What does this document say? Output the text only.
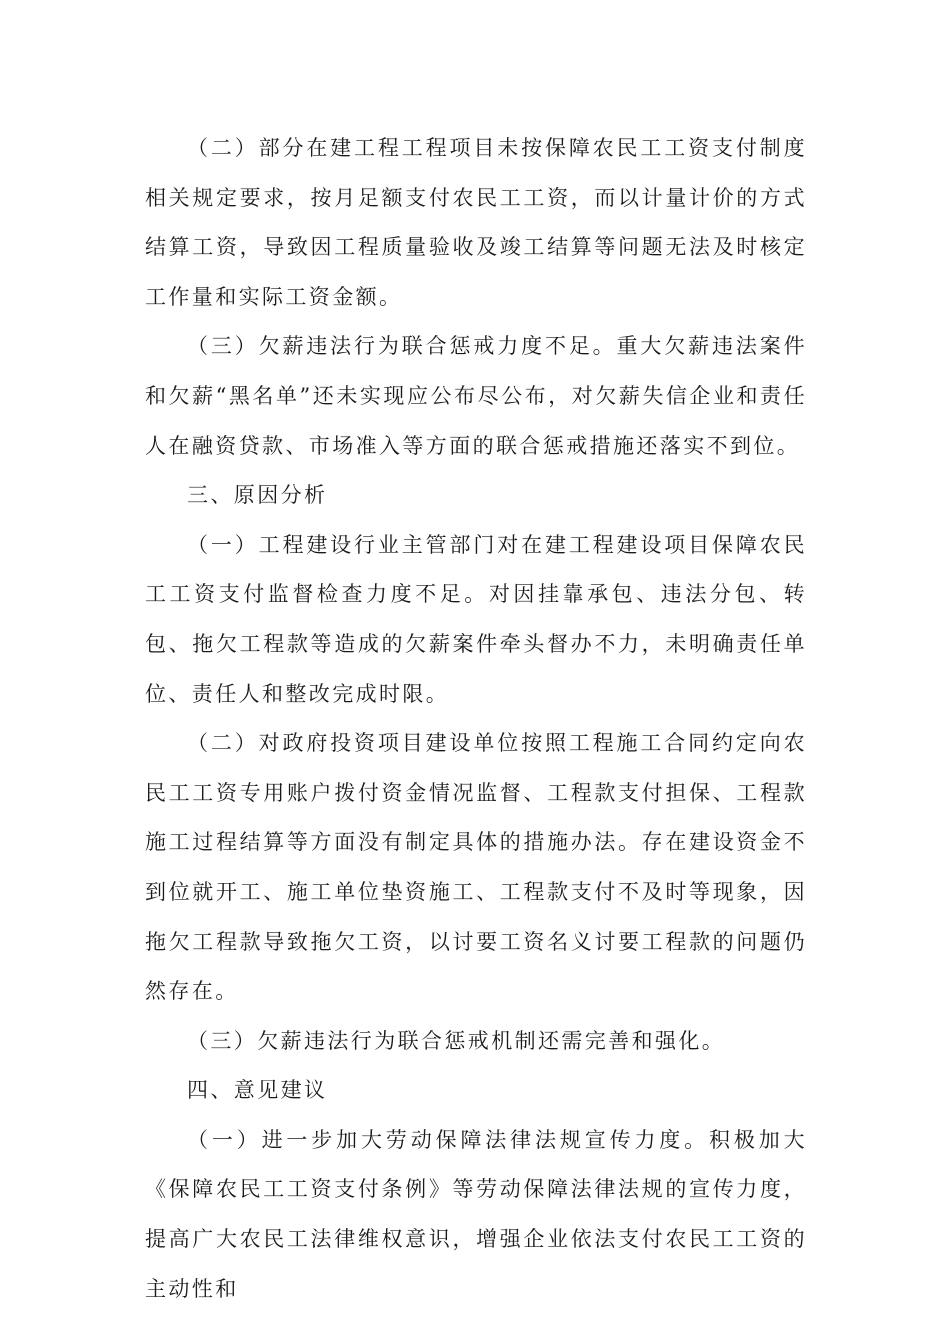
（二）部分在建工程工程项目未按保障农民工工资支付制度相关规定要求，按月足额支付农民工工资，而以计量计价的方式结算工资，导致因工程质量验收及竣工结算等问题无法及时核定工作量和实际工资金额。

（三）欠薪违法行为联合惩戒力度不足。重大欠薪违法案件和欠薪“黑名单”还未实现应公布尽公布，对欠薪失信企业和责任人在融资贷款、市场准入等方面的联合惩戒措施还落实不到位。

三、原因分析

（一）工程建设行业主管部门对在建工程建设项目保障农民工工资支付监督检查力度不足。对因挂靠承包、违法分包、转包、拖欠工程款等造成的欠薪案件牵头督办不力，未明确责任单位、责任人和整改完成时限。

（二）对政府投资项目建设单位按照工程施工合同约定向农民工工资专用账户拨付资金情况监督、工程款支付担保、工程款施工过程结算等方面没有制定具体的措施办法。存在建设资金不到位就开工、施工单位垫资施工、工程款支付不及时等现象，因拖欠工程款导致拖欠工资，以讨要工资名义讨要工程款的问题仍然存在。

（三）欠薪违法行为联合惩戒机制还需完善和强化。

四、意见建议

（一）进一步加大劳动保障法律法规宣传力度。积极加大《保障农民工工资支付条例》等劳动保障法律法规的宣传力度，提高广大农民工法律维权意识，增强企业依法支付农民工工资的主动性和
